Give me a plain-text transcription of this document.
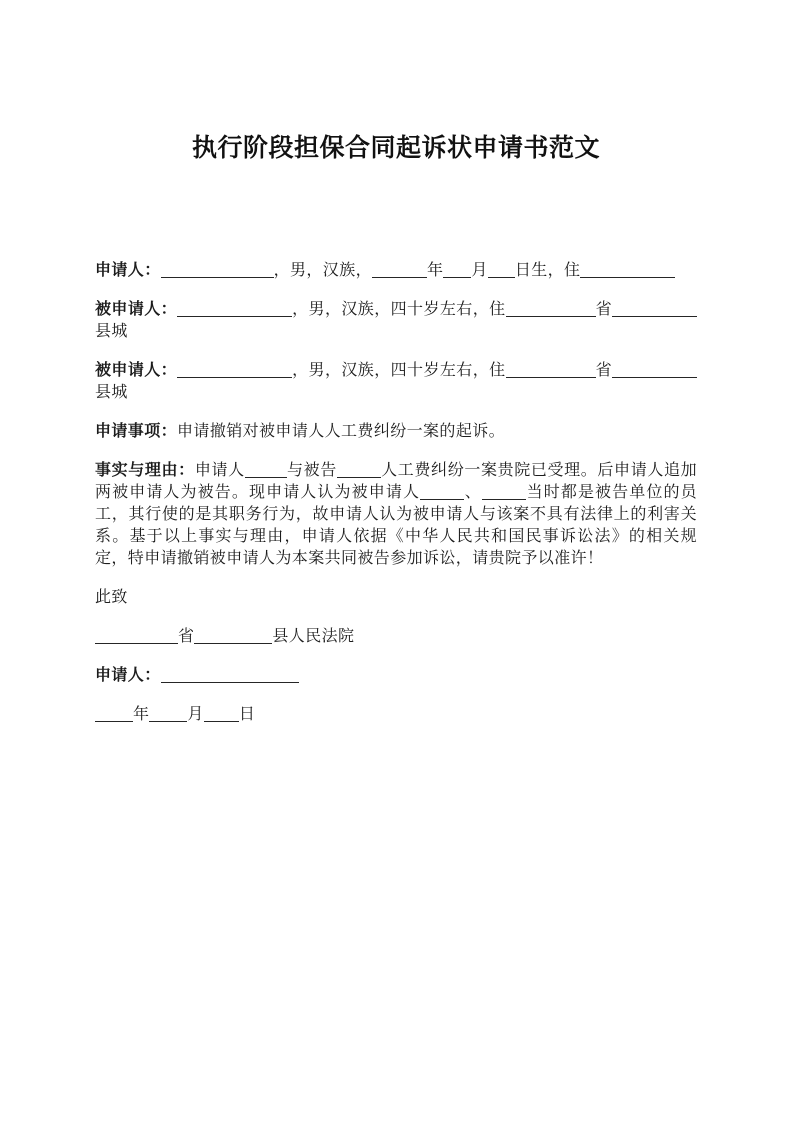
执行阶段担保合同起诉状申请书范文

申请人：	，男，汉族，	年 月 日生，住

被申请人：	，男，汉族，四十岁左右，住	省县城

被申请人：	，男，汉族，四十岁左右，住	省县城

申请事项：申请撤销对被申请人人工费纠纷一案的起诉。

事实与理由：申请人	与被告	人工费纠纷一案贵院已受理。后申请人追加两被申请人为被告。现申请人认为被申请人	、	当时都是被告单位的员工，其行使的是其职务行为，故申请人认为被申请人与该案不具有法律上的利害关系。基于以上事实与理由，申请人依据《中华人民共和国民事诉讼法》的相关规定，特申请撤销被申请人为本案共同被告参加诉讼，请贵院予以准许！

此致

省	县人民法院

申请人：

年 月 日
